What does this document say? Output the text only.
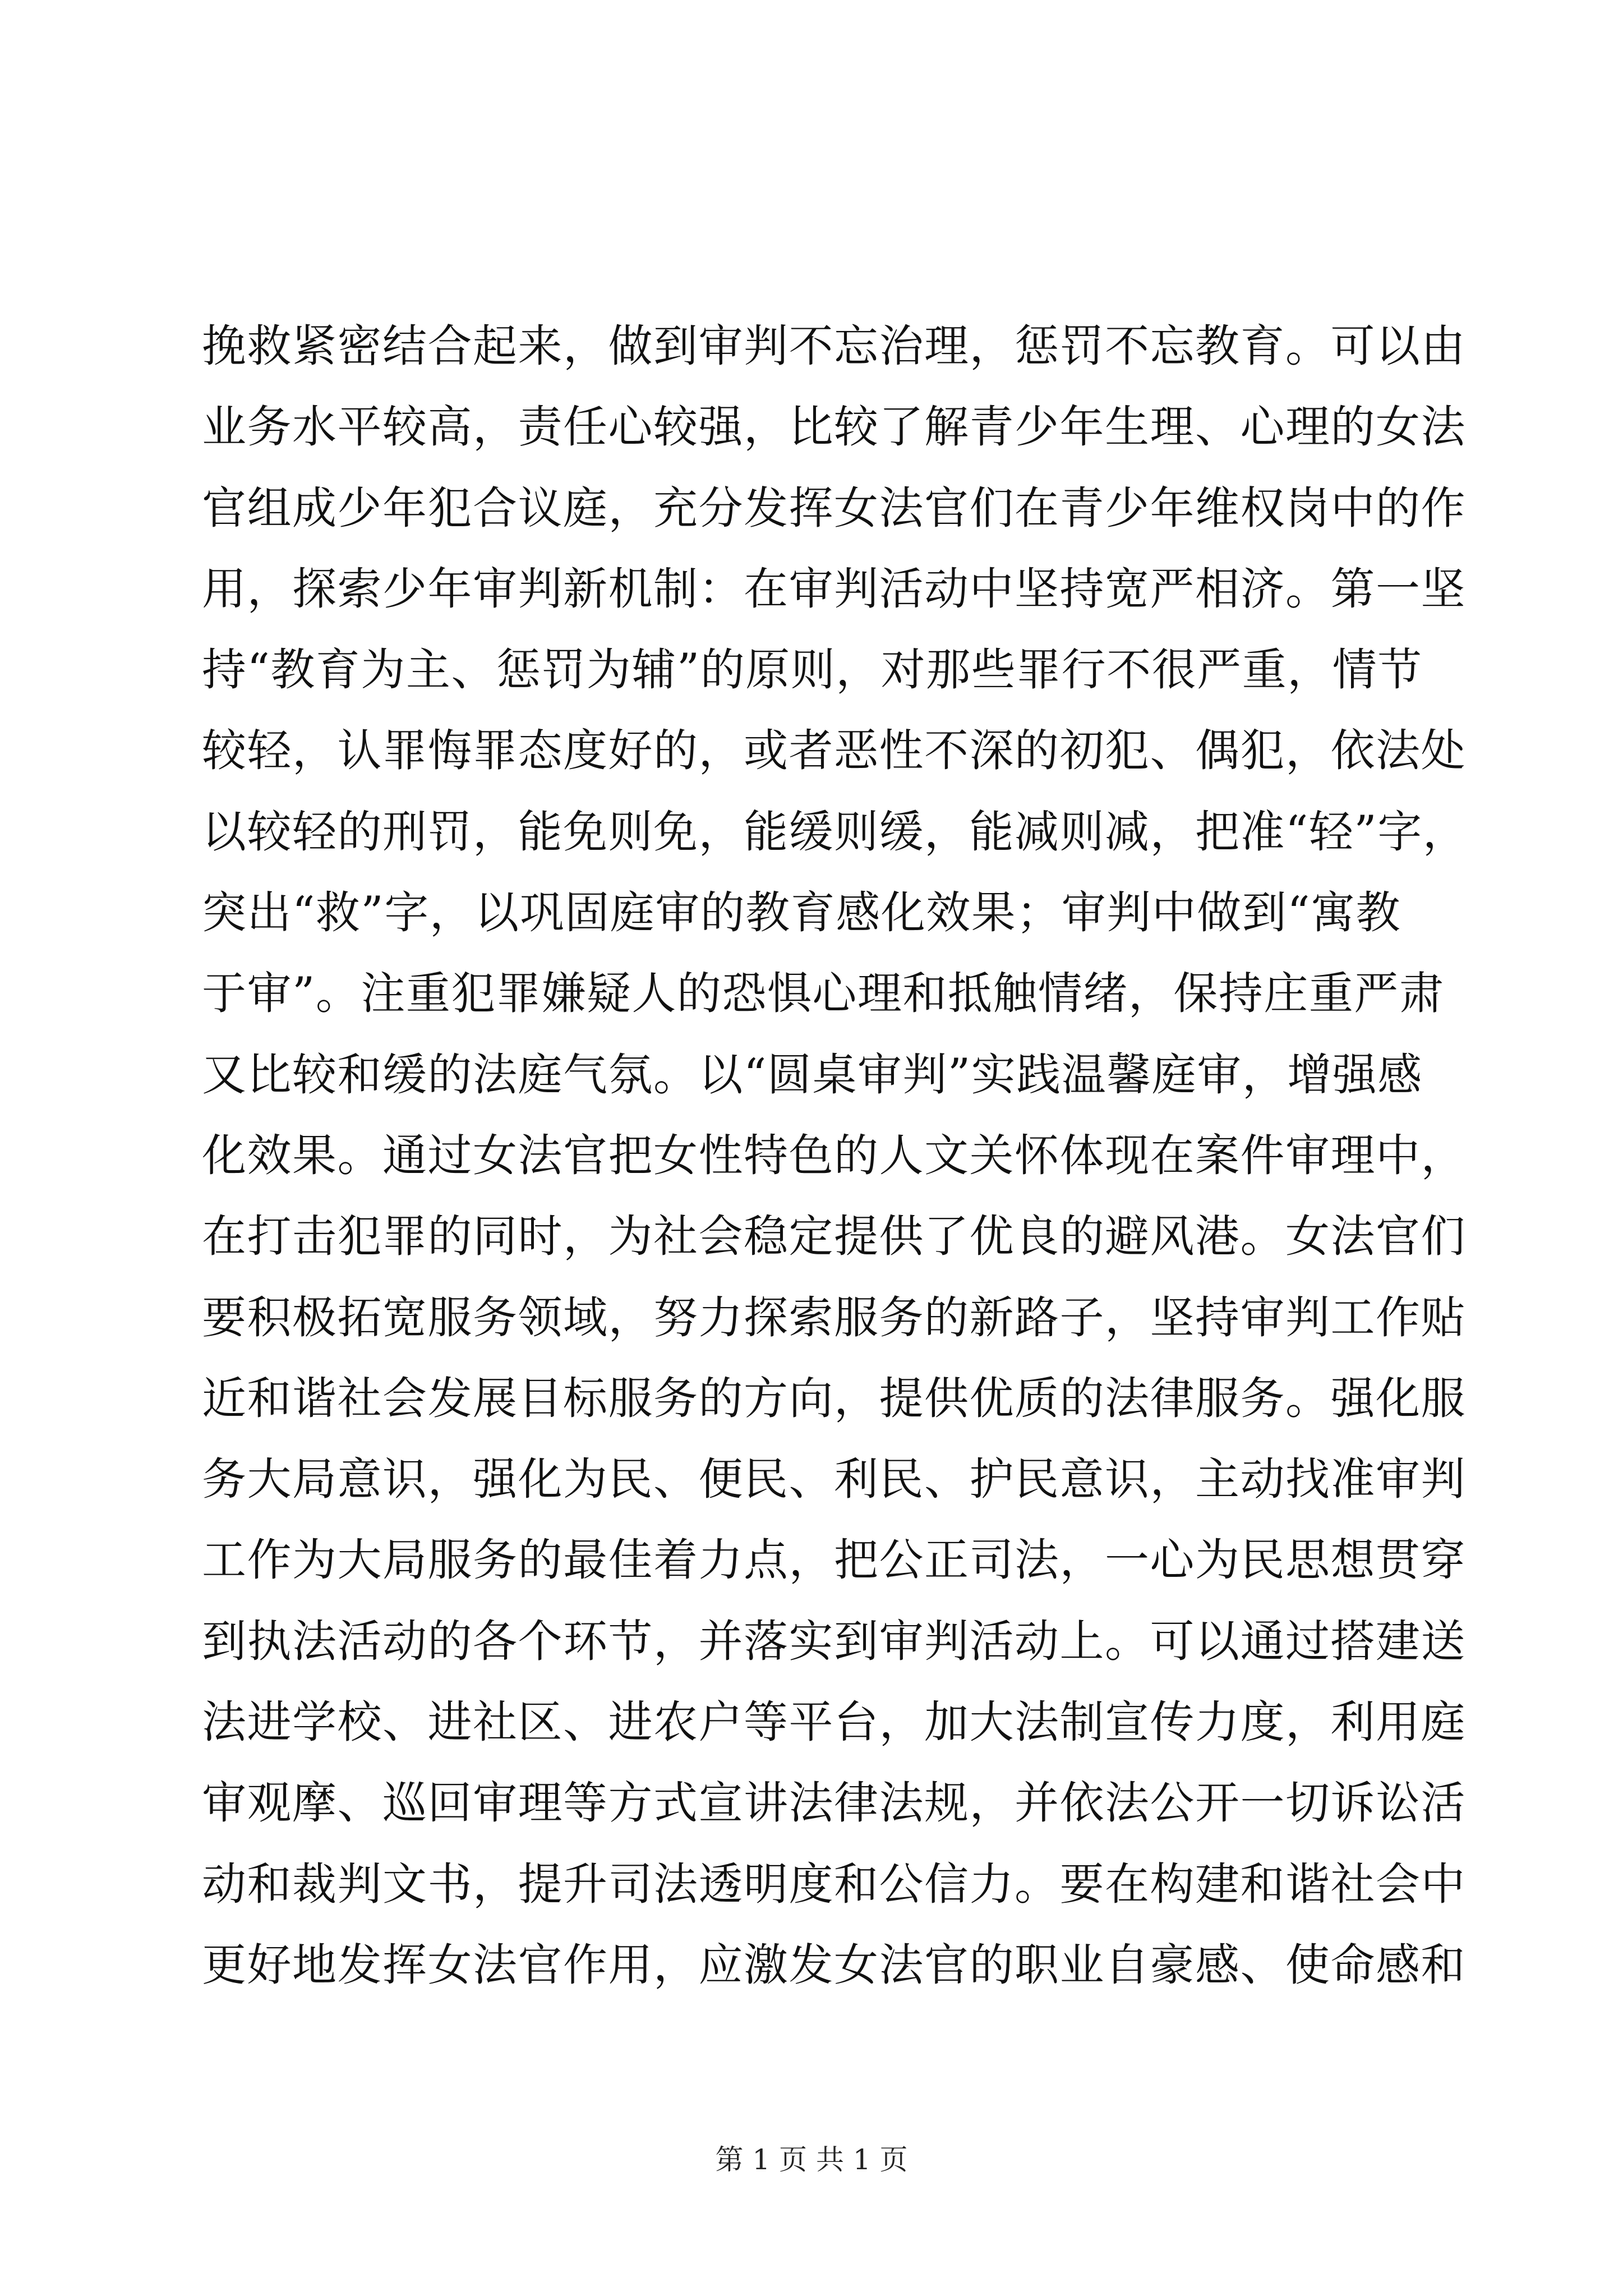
挽救紧密结合起来，做到审判不忘治理，惩罚不忘教育。可以由
业务水平较高，责任心较强，比较了解青少年生理、心理的女法
官组成少年犯合议庭，充分发挥女法官们在青少年维权岗中的作
用，探索少年审判新机制：在审判活动中坚持宽严相济。第一坚
持“教育为主、惩罚为辅”的原则，对那些罪行不很严重，情节
较轻，认罪悔罪态度好的，或者恶性不深的初犯、偶犯，依法处
以较轻的刑罚，能免则免，能缓则缓，能减则减，把准“轻”字，
突出“救”字，以巩固庭审的教育感化效果；审判中做到“寓教
于审”。注重犯罪嫌疑人的恐惧心理和抵触情绪，保持庄重严肃
又比较和缓的法庭气氛。以“圆桌审判”实践温馨庭审，增强感
化效果。通过女法官把女性特色的人文关怀体现在案件审理中，
在打击犯罪的同时，为社会稳定提供了优良的避风港。女法官们
要积极拓宽服务领域，努力探索服务的新路子，坚持审判工作贴
近和谐社会发展目标服务的方向，提供优质的法律服务。强化服
务大局意识，强化为民、便民、利民、护民意识，主动找准审判
工作为大局服务的最佳着力点，把公正司法，一心为民思想贯穿
到执法活动的各个环节，并落实到审判活动上。可以通过搭建送
法进学校、进社区、进农户等平台，加大法制宣传力度，利用庭
审观摩、巡回审理等方式宣讲法律法规，并依法公开一切诉讼活
动和裁判文书，提升司法透明度和公信力。要在构建和谐社会中
更好地发挥女法官作用，应激发女法官的职业自豪感、使命感和
第 1 页 共 1 页
